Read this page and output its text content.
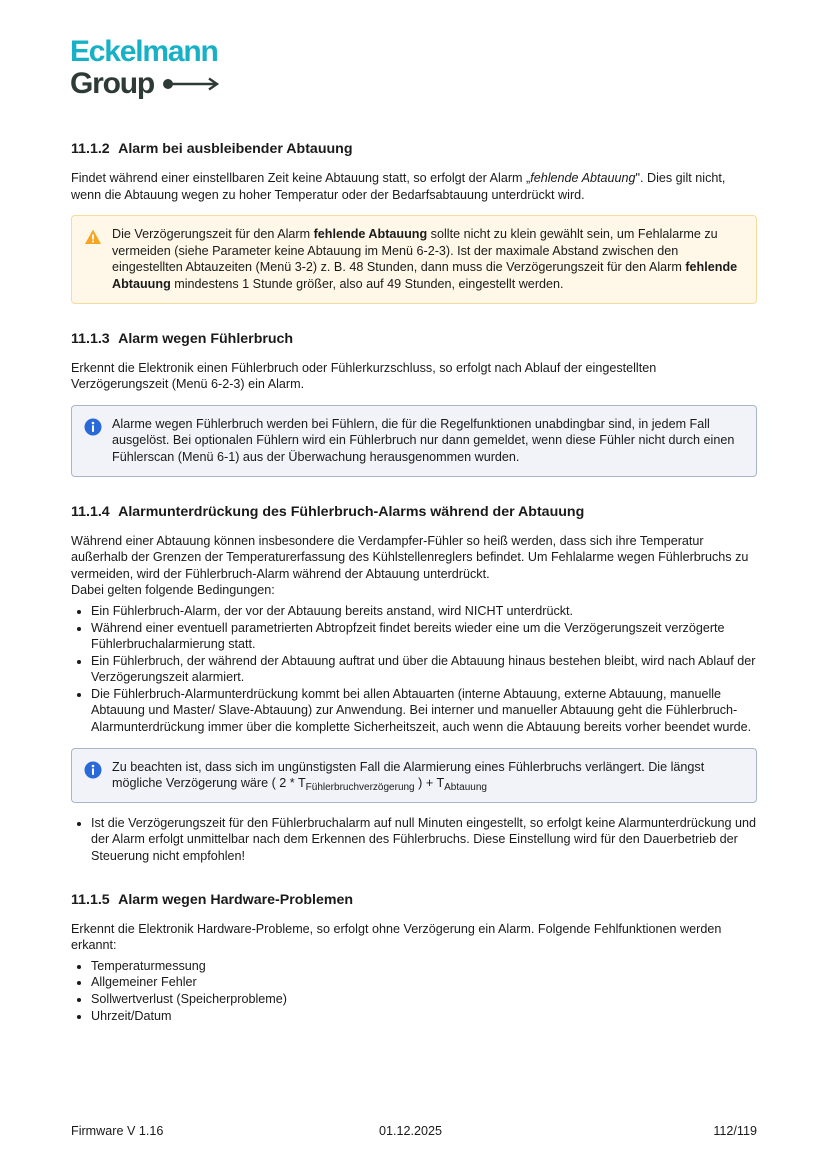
Eckelmann
Group
11.1.2 Alarm bei ausbleibender Abtauung

Findet während einer einstellbaren Zeit keine Abtauung statt, so erfolgt der Alarm „fehlende Abtauung". Dies gilt nicht, wenn die Abtauung wegen zu hoher Temperatur oder der Bedarfsabtauung unterdrückt wird.

Die Verzögerungszeit für den Alarm fehlende Abtauung sollte nicht zu klein gewählt sein, um Fehlalarme zu vermeiden (siehe Parameter keine Abtauung im Menü 6-2-3). Ist der maximale Abstand zwischen den eingestellten Abtauzeiten (Menü 3-2) z. B. 48 Stunden, dann muss die Verzögerungszeit für den Alarm fehlende Abtauung mindestens 1 Stunde größer, also auf 49 Stunden, eingestellt werden.

11.1.3 Alarm wegen Fühlerbruch

Erkennt die Elektronik einen Fühlerbruch oder Fühlerkurzschluss, so erfolgt nach Ablauf der eingestellten Verzögerungszeit (Menü 6-2-3) ein Alarm.

Alarme wegen Fühlerbruch werden bei Fühlern, die für die Regelfunktionen unabdingbar sind, in jedem Fall ausgelöst. Bei optionalen Fühlern wird ein Fühlerbruch nur dann gemeldet, wenn diese Fühler nicht durch einen Fühlerscan (Menü 6-1) aus der Überwachung herausgenommen wurden.

11.1.4 Alarmunterdrückung des Fühlerbruch-Alarms während der Abtauung

Während einer Abtauung können insbesondere die Verdampfer-Fühler so heiß werden, dass sich ihre Temperatur außerhalb der Grenzen der Temperaturerfassung des Kühlstellenreglers befindet. Um Fehlalarme wegen Fühlerbruchs zu vermeiden, wird der Fühlerbruch-Alarm während der Abtauung unterdrückt.

Dabei gelten folgende Bedingungen:

• Ein Fühlerbruch-Alarm, der vor der Abtauung bereits anstand, wird NICHT unterdrückt.
• Während einer eventuell parametrierten Abtropfzeit findet bereits wieder eine um die Verzögerungszeit verzögerte Fühlerbruchalarmierung statt.
• Ein Fühlerbruch, der während der Abtauung auftrat und über die Abtauung hinaus bestehen bleibt, wird nach Ablauf der Verzögerungszeit alarmiert.
• Die Fühlerbruch-Alarmunterdrückung kommt bei allen Abtauarten (interne Abtauung, externe Abtauung, manuelle Abtauung und Master/ Slave-Abtauung) zur Anwendung. Bei interner und manueller Abtauung geht die Fühlerbruch-Alarmunterdrückung immer über die komplette Sicherheitszeit, auch wenn die Abtauung bereits vorher beendet wurde.

Zu beachten ist, dass sich im ungünstigsten Fall die Alarmierung eines Fühlerbruchs verlängert. Die längst mögliche Verzögerung wäre ( $2 * T_{Fühlerbruchverzögerung}$ ) + $T_{Abtauung}$

• Ist die Verzögerungszeit für den Fühlerbruchalarm auf null Minuten eingestellt, so erfolgt keine Alarmunterdrückung und der Alarm erfolgt unmittelbar nach dem Erkennen des Fühlerbruchs. Diese Einstellung wird für den Dauerbetrieb der Steuerung nicht empfohlen!
11.1.5 Alarm wegen Hardware-Problemen

Erkennt die Elektronik Hardware-Probleme, so erfolgt ohne Verzögerung ein Alarm. Folgende Fehlfunktionen werden erkannt:

• Temperaturmessung
• Allgemeiner Fehler
• Sollwertverlust (Speicherprobleme)
• Uhrzeit/Datum
Firmware V 1.16	01.12.2025	112/119
